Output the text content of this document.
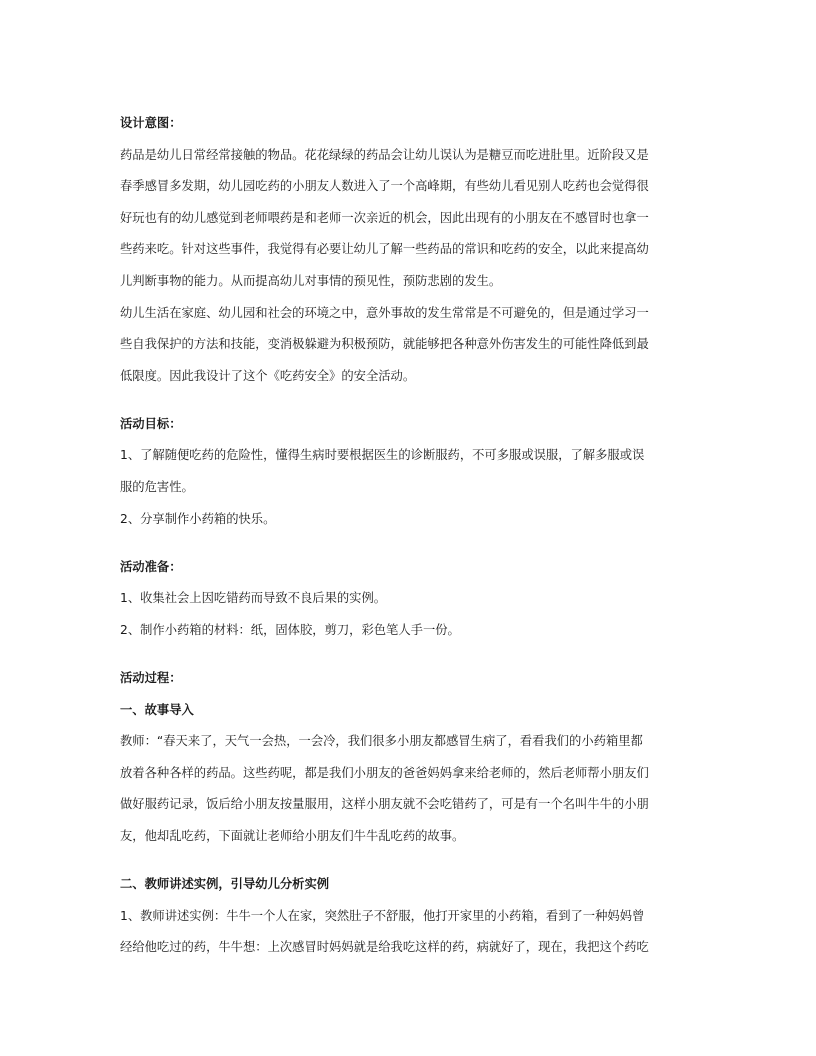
设计意图：
药品是幼儿日常经常接触的物品。花花绿绿的药品会让幼儿误认为是糖豆而吃进肚里。近阶段又是
春季感冒多发期，幼儿园吃药的小朋友人数进入了一个高峰期，有些幼儿看见别人吃药也会觉得很
好玩也有的幼儿感觉到老师喂药是和老师一次亲近的机会，因此出现有的小朋友在不感冒时也拿一
些药来吃。针对这些事件，我觉得有必要让幼儿了解一些药品的常识和吃药的安全，以此来提高幼
儿判断事物的能力。从而提高幼儿对事情的预见性，预防悲剧的发生。
幼儿生活在家庭、幼儿园和社会的环境之中，意外事故的发生常常是不可避免的，但是通过学习一
些自我保护的方法和技能，变消极躲避为积极预防，就能够把各种意外伤害发生的可能性降低到最
低限度。因此我设计了这个《吃药安全》的安全活动。
活动目标：
1、了解随便吃药的危险性，懂得生病时要根据医生的诊断服药，不可多服或误服，了解多服或误
服的危害性。
2、分享制作小药箱的快乐。
活动准备：
1、收集社会上因吃错药而导致不良后果的实例。
2、制作小药箱的材料：纸，固体胶，剪刀，彩色笔人手一份。
活动过程：
一、故事导入
教师：“春天来了，天气一会热，一会冷，我们很多小朋友都感冒生病了，看看我们的小药箱里都
放着各种各样的药品。这些药呢，都是我们小朋友的爸爸妈妈拿来给老师的，然后老师帮小朋友们
做好服药记录，饭后给小朋友按量服用，这样小朋友就不会吃错药了，可是有一个名叫牛牛的小朋
友，他却乱吃药，下面就让老师给小朋友们牛牛乱吃药的故事。
二、教师讲述实例，引导幼儿分析实例
1、教师讲述实例：牛牛一个人在家，突然肚子不舒服，他打开家里的小药箱，看到了一种妈妈曾
经给他吃过的药，牛牛想：上次感冒时妈妈就是给我吃这样的药，病就好了，现在，我把这个药吃
